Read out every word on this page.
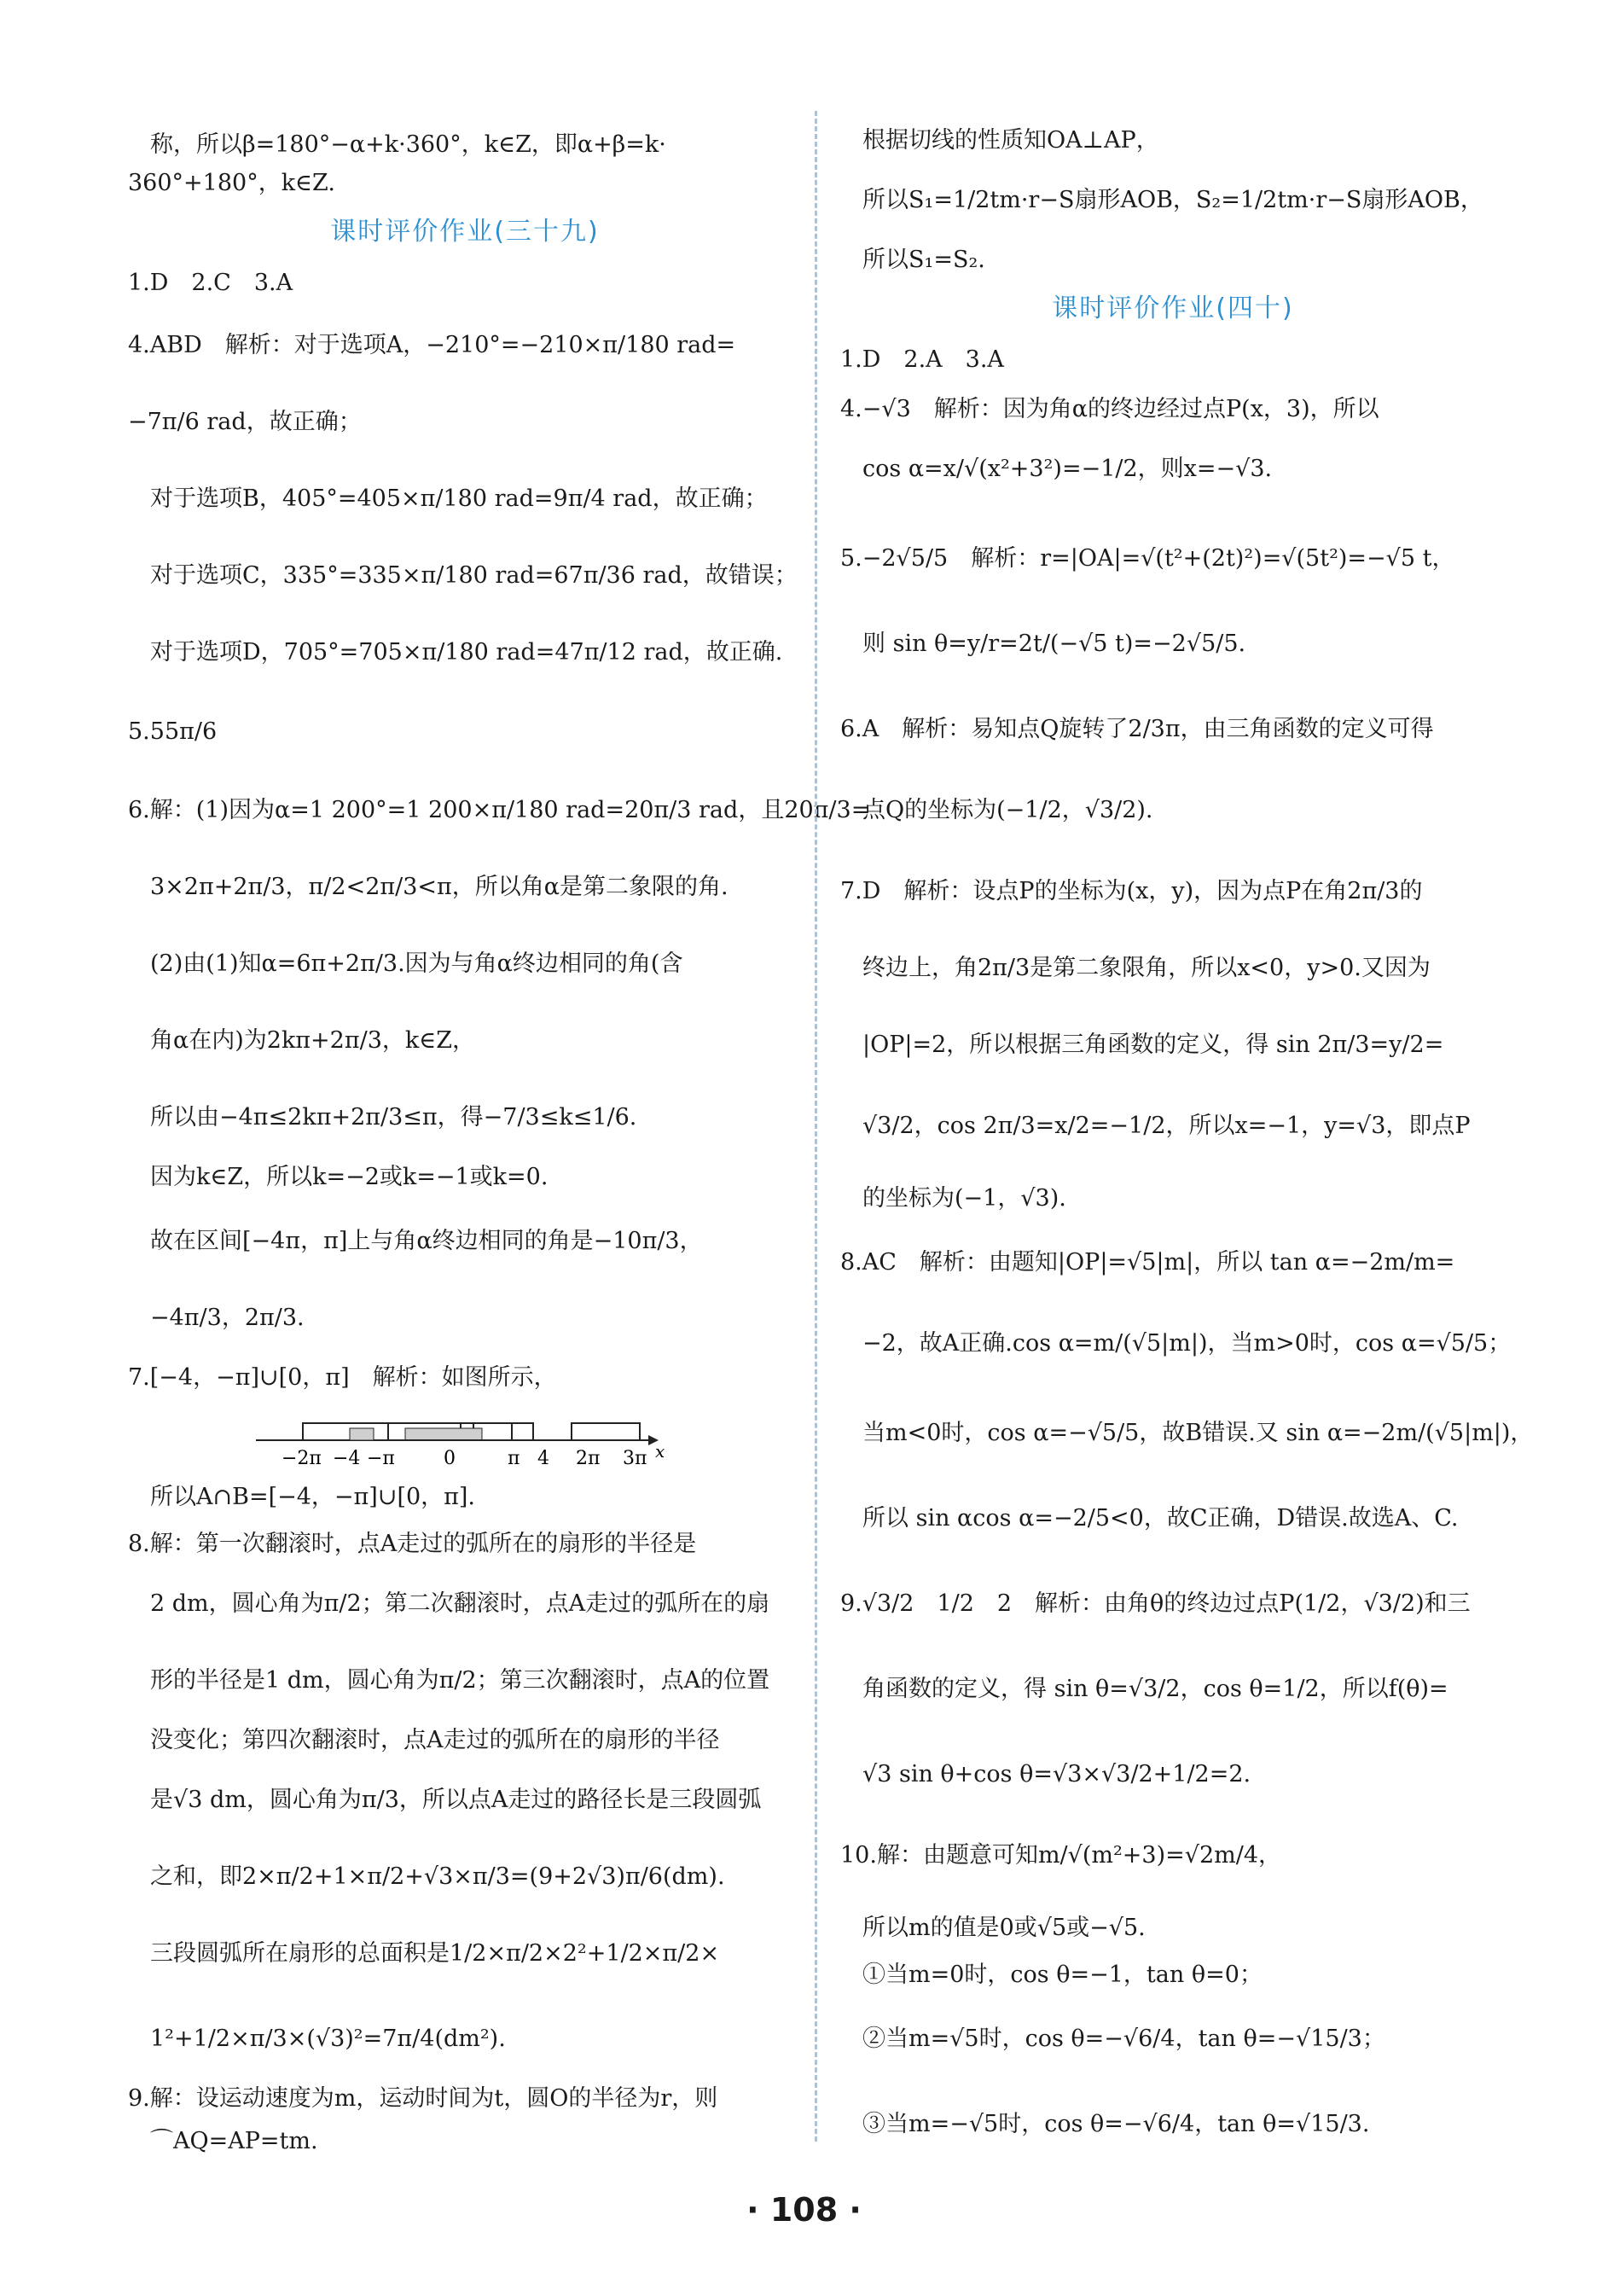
称，所以β=180°−α+k·360°，k∈Z，即α+β=k·
360°+180°，k∈Z.
课时评价作业(三十九)
1.D　2.C　3.A
4.ABD　解析：对于选项A，−210°=−210×π/180 rad=
−7π/6 rad，故正确；
对于选项B，405°=405×π/180 rad=9π/4 rad，故正确；
对于选项C，335°=335×π/180 rad=67π/36 rad，故错误；
对于选项D，705°=705×π/180 rad=47π/12 rad，故正确.
5.55π/6
6.解：(1)因为α=1 200°=1 200×π/180 rad=20π/3 rad，且20π/3=
3×2π+2π/3，π/2<2π/3<π，所以角α是第二象限的角.
(2)由(1)知α=6π+2π/3.因为与角α终边相同的角(含
角α在内)为2kπ+2π/3，k∈Z，
所以由−4π≤2kπ+2π/3≤π，得−7/3≤k≤1/6.
因为k∈Z，所以k=−2或k=−1或k=0.
故在区间[−4π，π]上与角α终边相同的角是−10π/3，
−4π/3，2π/3.
7.[−4，−π]∪[0，π]　解析：如图所示，
−2π −4 −π	0	π 4 2π 3π x
所以A∩B=[−4，−π]∪[0，π].
8.解：第一次翻滚时，点A走过的弧所在的扇形的半径是
2 dm，圆心角为π/2；第二次翻滚时，点A走过的弧所在的扇
形的半径是1 dm，圆心角为π/2；第三次翻滚时，点A的位置
没变化；第四次翻滚时，点A走过的弧所在的扇形的半径
是√3 dm，圆心角为π/3，所以点A走过的路径长是三段圆弧
之和，即2×π/2+1×π/2+√3×π/3=(9+2√3)π/6(dm).
三段圆弧所在扇形的总面积是1/2×π/2×2²+1/2×π/2×
1²+1/2×π/3×(√3)²=7π/4(dm²).
9.解：设运动速度为m，运动时间为t，圆O的半径为r，则
⌒AQ=AP=tm.
根据切线的性质知OA⊥AP，
所以S₁=1/2tm·r−S扇形AOB，S₂=1/2tm·r−S扇形AOB，
所以S₁=S₂.
课时评价作业(四十)
1.D　2.A　3.A
4.−√3　解析：因为角α的终边经过点P(x，3)，所以
cos α=x/√(x²+3²)=−1/2，则x=−√3.
5.−2√5/5　解析：r=|OA|=√(t²+(2t)²)=√(5t²)=−√5 t，
则 sin θ=y/r=2t/(−√5 t)=−2√5/5.
6.A　解析：易知点Q旋转了2/3π，由三角函数的定义可得
点Q的坐标为(−1/2，√3/2).
7.D　解析：设点P的坐标为(x，y)，因为点P在角2π/3的
终边上，角2π/3是第二象限角，所以x<0，y>0.又因为
|OP|=2，所以根据三角函数的定义，得 sin 2π/3=y/2=
√3/2，cos 2π/3=x/2=−1/2，所以x=−1，y=√3，即点P
的坐标为(−1，√3).
8.AC　解析：由题知|OP|=√5|m|，所以 tan α=−2m/m=
−2，故A正确.cos α=m/(√5|m|)，当m>0时，cos α=√5/5；
当m<0时，cos α=−√5/5，故B错误.又 sin α=−2m/(√5|m|)，
所以 sin αcos α=−2/5<0，故C正确，D错误.故选A、C.
9.√3/2　1/2　2　解析：由角θ的终边过点P(1/2，√3/2)和三
角函数的定义，得 sin θ=√3/2，cos θ=1/2，所以f(θ)=
√3 sin θ+cos θ=√3×√3/2+1/2=2.
10.解：由题意可知m/√(m²+3)=√2m/4，
所以m的值是0或√5或−√5.
①当m=0时，cos θ=−1，tan θ=0；
②当m=√5时，cos θ=−√6/4，tan θ=−√15/3；
③当m=−√5时，cos θ=−√6/4，tan θ=√15/3.
· 108 ·
